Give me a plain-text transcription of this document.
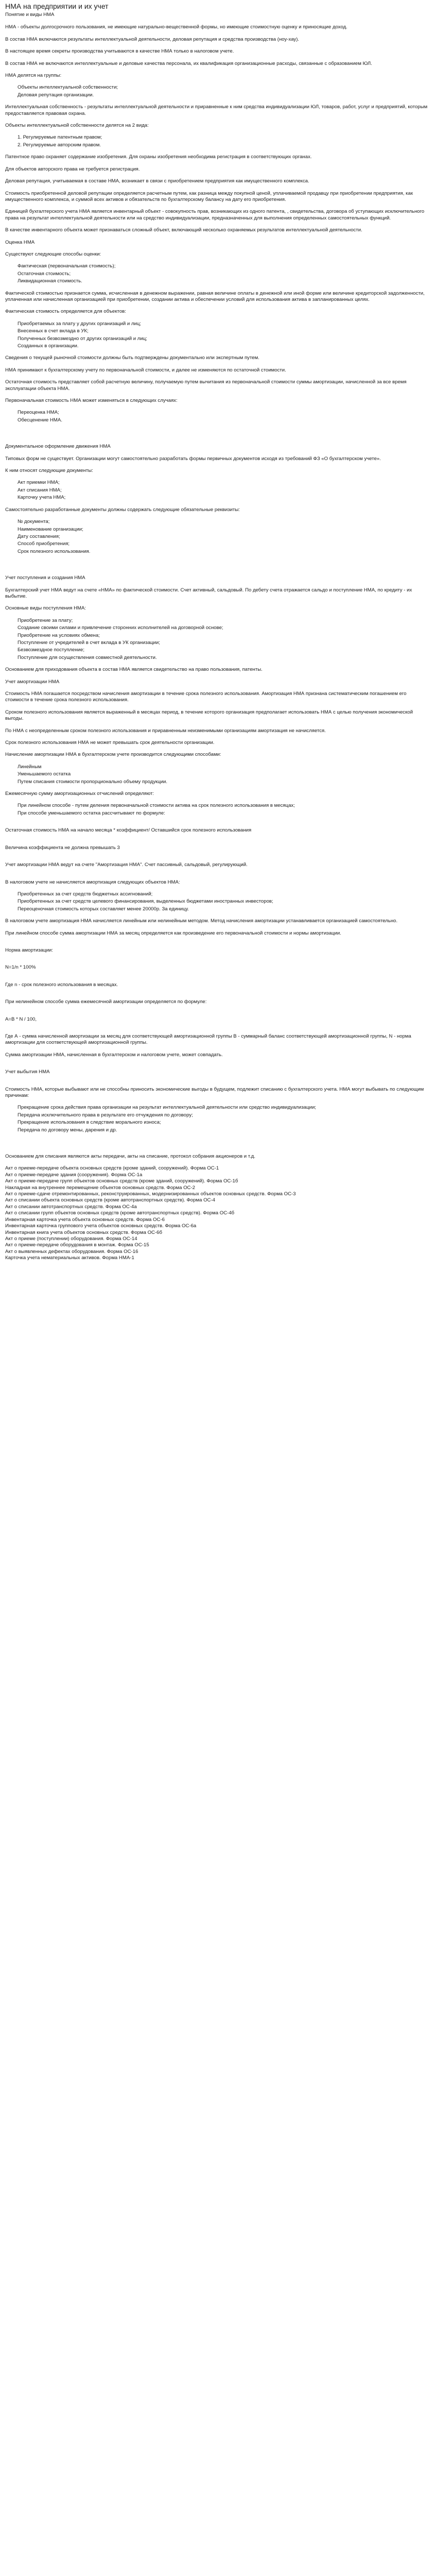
НМА на предприятии и их учет
Понятие и виды НМА

НМА - объекты долгосрочного пользования, не имеющие натурально-вещественной формы, но имеющие стоимостную оценку и приносящие доход.

В состав НМА включаются результаты интеллектуальной деятельности, деловая репутация и средства производства (ноу-хау).

В настоящее время секреты производства учитываются в качестве НМА только в налоговом учете.

В состав НМА не включаются интеллектуальные и деловые качества персонала, их квалификация организационные расходы, связанные с образованием ЮЛ.

НМА делятся на группы:

Объекты интеллектуальной собственности;
Деловая репутация организации.

Интеллектуальная собственность - результаты интеллектуальной деятельности и приравненные к ним средства индивидуализации ЮЛ, товаров, работ, услуг и предприятий, которым предоставляется правовая охрана.

Объекты интеллектуальной собственности делятся на 2 вида:

1. Регулируемые патентным правом;
2. Регулируемые авторским правом.

Патентное право охраняет содержание изобретения. Для охраны изобретения необходима регистрация в соответствующих органах.

Для объектов авторского права не требуется регистрация.

Деловая репутация, учитываемая в составе НМА, возникает в связи с приобретением предприятия как имущественного комплекса.

Стоимость приобретенной деловой репутации определяется расчетным путем, как разница между покупной ценой, уплачиваемой продавцу при приобретении предприятия, как имущественного комплекса, и суммой всех активов и обязательств по бухгалтерскому балансу на дату его приобретения.

Единицей бухгалтерского учета НМА является инвентарный объект - совокупность прав, возникающих из одного патента, , свидетельства, договора об уступающих исключительного права на результат интеллектуальной деятельности или на средство индивидуализации, предназначенных для выполнения определенных самостоятельных функций.

В качестве инвентарного объекта может признаваться сложный объект, включающий несколько охраняемых результатов интеллектуальной деятельности.

Оценка НМА

Существуют следующие способы оценки:

Фактическая (первоначальная стоимость);
Остаточная стоимость;
Ликвидационная стоимость.

Фактической стоимостью признается сумма, исчисленная в денежном выражении, равная величине оплаты в денежной или иной форме или величине кредиторской задолженности, уплаченная или начисленная организацией при приобретении, создании актива и обеспечении условий для использования актива в запланированных целях.

Фактическая стоимость определяется для объектов:

Приобретаемых за плату у других организаций и лиц;
Внесенных в счет вклада в УК;
Полученных безвозмездно от других организаций и лиц;
Созданных в организации.

Сведения о текущей рыночной стоимости должны быть подтверждены документально или экспертным путем.

НМА принимают к бухгалтерскому учету по первоначальной стоимости, и далее не изменяются по остаточной стоимости.

Остаточная стоимость представляет собой расчетную величину, получаемую путем вычитания из первоначальной стоимости суммы амортизации, начисленной за все время эксплуатации объекта НМА.

Первоначальная стоимость НМА может изменяться в следующих случаях:

Переоценка НМА;
Обесценение НМА.

Документальное оформление движения НМА

Типовых форм не существует. Организации могут самостоятельно разработать формы первичных документов исходя из требований ФЗ «О бухгалтерском учете».

К ним относят следующие документы:

Акт приемки НМА;
Акт списания НМА;
Карточку учета НМА;

Самостоятельно разработанные документы должны содержать следующие обязательные реквизиты:

№ документа;
Наименование организации;
Дату составления;
Способ приобретения;
Срок полезного использования.

Учет поступления и создания НМА

Бухгалтерский учет НМА ведут на счете «НМА» по фактической стоимости. Счет активный, сальдовый. По дебету счета отражается сальдо и поступление НМА, по кредиту - их выбытие.

Основные виды поступления НМА:

Приобретение за плату;
Создание своими силами и привлечение сторонних исполнителей на договорной основе;
Приобретение на условиях обмена;
Поступление от учредителей в счет вклада в УК организации;
Безвозмездное поступление;
Поступление для осуществления совместной деятельности.

Основанием для приходования объекта в состав НМА является свидетельство на право пользования, патенты.

Учет амортизации НМА

Стоимость НМА погашается посредством начисления амортизации в течение срока полезного использования. Амортизация НМА признана систематическим погашением его стоимости в течение срока полезного использования.

Сроком полезного использования является выраженный в месяцах период, в течение которого организация предполагает использовать НМА с целью получения экономической выгоды.

По НМА с неопределенным сроком полезного использования и приравненным неизменимыми организациям амортизация не начисляется.

Срок полезного использования НМА не может превышать срок деятельности организации.

Начисление амортизации НМА в бухгалтерском учете производится следующими способами:

Линейным
Уменьшаемого остатка
Путем списания стоимости пропорционально объему продукции.

Ежемесячную сумму амортизационных отчислений определяют:

При линейном способе - путем деления первоначальной стоимости актива на срок полезного использования в месяцах;
При способе уменьшаемого остатка рассчитывают по формуле:

Остаточная стоимость НМА на начало месяца * коэффициент/ Оставшийся срок полезного использования

Величина коэффициента не должна превышать 3

Учет амортизации НМА ведут на счете "Амортизация НМА". Счет пассивный, сальдовый, регулирующий.

В налоговом учете не начисляется амортизация следующих объектов НМА:

Приобретенных за счет средств бюджетных ассигнований;
Приобретенных за счет средств целевого финансирования, выделенных бюджетами иностранных инвесторов;
Переоценочная стоимость которых составляет менее 20000р. За единицу.

В налоговом учете амортизация НМА начисляется линейным или нелинейным методом. Метод начисления амортизации устанавливается организацией самостоятельно.

При линейном способе сумма амортизации НМА за месяц определяется как произведение его первоначальной стоимости и нормы амортизации.

Норма амортизации:

N=1/n * 100%

Где n - срок полезного использования в месяцах.

При нелинейном способе сумма ежемесячной амортизации определяется по формуле:

A=B * N / 100,

Где А - сумма начисленной амортизации за месяц для соответствующей амортизационной группы В - суммарный баланс соответствующей амортизационной группы, N - норма амортизации для соответствующей амортизационной группы.

Сумма амортизации НМА, начисленная в бухгалтерском и налоговом учете, может совпадать.

Учет выбытия НМА

Стоимость НМА, которые выбывают или не способны приносить экономические выгоды в будущем, подлежит списанию с бухгалтерского учета. НМА могут выбывать по следующим причинам:

Прекращение срока действия права организации на результат интеллектуальной деятельности или средство индивидуализации;
Передача исключительного права в результате его отчуждения по договору;
Прекращение использования в следствие морального износа;
Передача по договору мены, дарения и др.

Основанием для списания являются акты передачи, акты на списание, протокол собрания акционеров и т.д.

Акт о приеме-передаче объекта основных средств (кроме зданий, сооружений). Форма ОС-1
Акт о приеме-передаче здания (сооружения). Форма ОС-1а
Акт о приеме-передаче групп объектов основных средств (кроме зданий, сооружений). Форма ОС-1б
Накладная на внутреннее перемещение объектов основных средств. Форма ОС-2
Акт о приеме-сдаче отремонтированных, реконструированных, модернизированных объектов основных средств. Форма ОС-3
Акт о списании объекта основных средств (кроме автотранспортных средств). Форма ОС-4
Акт о списании автотранспортных средств. Форма ОС-4а
Акт о списании групп объектов основных средств (кроме автотранспортных средств). Форма ОС-4б
Инвентарная карточка учета объекта основных средств. Форма ОС-6
Инвентарная карточка группового учета объектов основных средств. Форма ОС-6а
Инвентарная книга учета объектов основных средств. Форма ОС-6б
Акт о приеме (поступлении) оборудования. Форма ОС-14
Акт о приеме-передаче оборудования в монтаж. Форма ОС-15
Акт о выявленных дефектах оборудования. Форма ОС-16
Карточка учета нематериальных активов. Форма НМА-1
